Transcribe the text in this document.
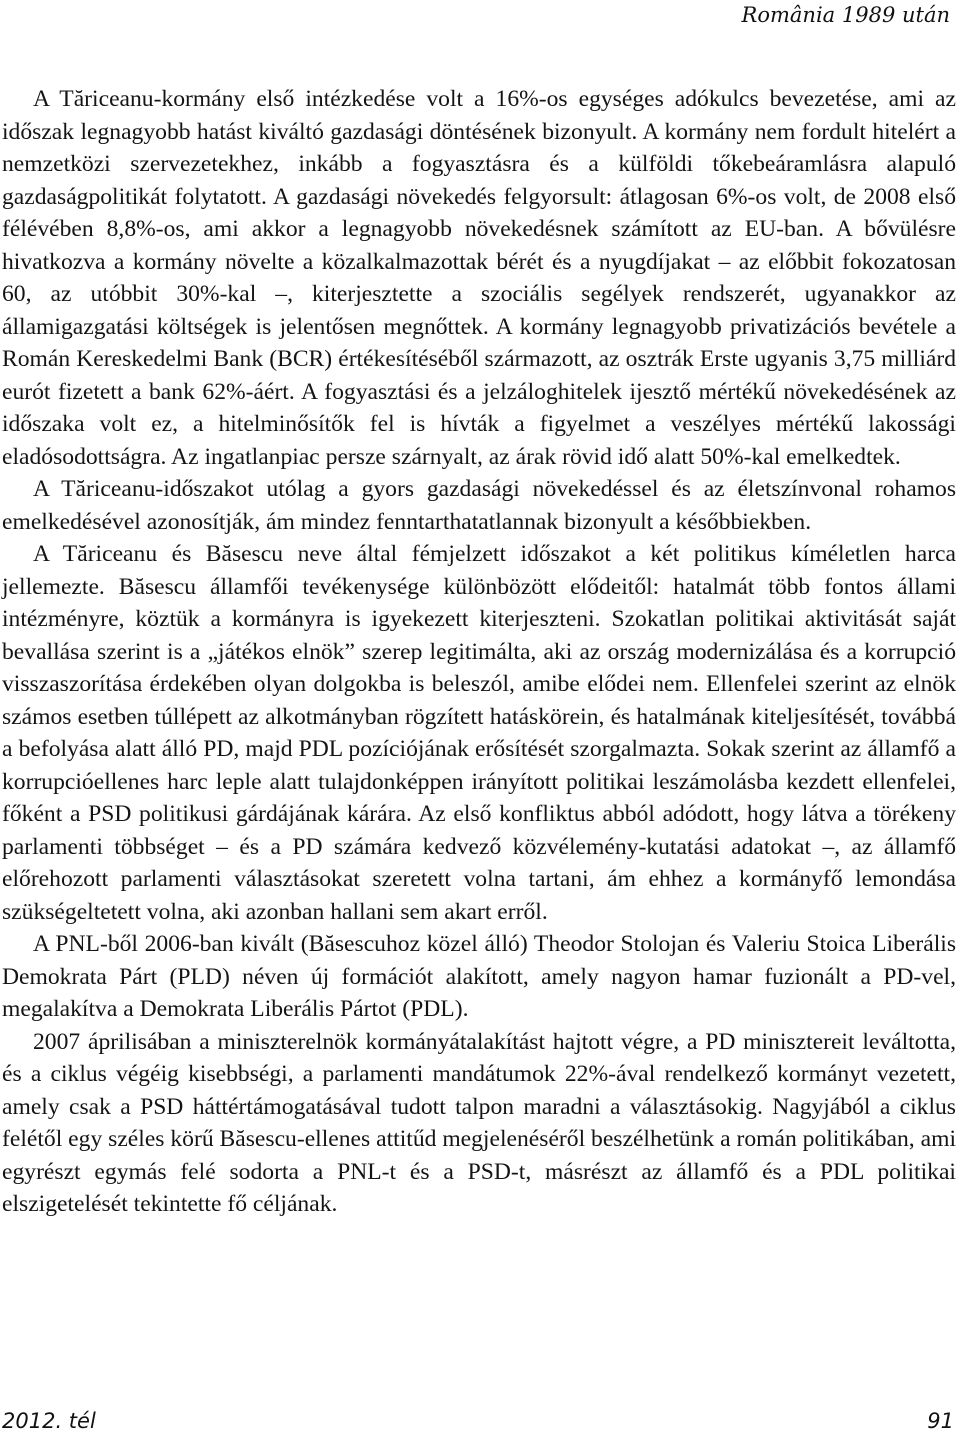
România 1989 után

A Tăriceanu-kormány első intézkedése volt a 16%-os egységes adókulcs bevezetése, ami az időszak legnagyobb hatást kiváltó gazdasági döntésének bizonyult. A kormány nem fordult hitelért a nemzetközi szervezetekhez, inkább a fogyasztásra és a külföldi tőkebeáramlásra alapuló gazdaságpolitikát folytatott. A gazdasági növekedés felgyorsult: átlagosan 6%-os volt, de 2008 első félévében 8,8%-os, ami akkor a legnagyobb növekedésnek számított az EU-ban. A bővülésre hivatkozva a kormány növelte a közalkalmazottak bérét és a nyugdíjakat – az előbbit fokozatosan 60, az utóbbit 30%-kal –, kiterjesztette a szociális segélyek rendszerét, ugyanakkor az államigazgatási költségek is jelentősen megnőttek. A kormány legnagyobb privatizációs bevétele a Román Kereskedelmi Bank (BCR) értékesítéséből származott, az osztrák Erste ugyanis 3,75 milliárd eurót fizetett a bank 62%-áért. A fogyasztási és a jelzáloghitelek ijesztő mértékű növekedésének az időszaka volt ez, a hitelminősítők fel is hívták a figyelmet a veszélyes mértékű lakossági eladósodottságra. Az ingatlanpiac persze szárnyalt, az árak rövid idő alatt 50%-kal emelkedtek.

A Tăriceanu-időszakot utólag a gyors gazdasági növekedéssel és az életszínvonal rohamos emelkedésével azonosítják, ám mindez fenntarthatatlannak bizonyult a későbbiekben.

A Tăriceanu és Băsescu neve által fémjelzett időszakot a két politikus kíméletlen harca jellemezte. Băsescu államfői tevékenysége különbözött elődeitől: hatalmát több fontos állami intézményre, köztük a kormányra is igyekezett kiterjeszteni. Szokatlan politikai aktivitását saját bevallása szerint is a „játékos elnök” szerep legitimálta, aki az ország modernizálása és a korrupció visszaszorítása érdekében olyan dolgokba is beleszól, amibe elődei nem. Ellenfelei szerint az elnök számos esetben túllépett az alkotmányban rögzített hatáskörein, és hatalmának kiteljesítését, továbbá a befolyása alatt álló PD, majd PDL pozíciójának erősítését szorgalmazta. Sokak szerint az államfő a korrupcióellenes harc leple alatt tulajdonképpen irányított politikai leszámolásba kezdett ellenfelei, főként a PSD politikusi gárdájának kárára. Az első konfliktus abból adódott, hogy látva a törékeny parlamenti többséget – és a PD számára kedvező közvélemény-kutatási adatokat –, az államfő előrehozott parlamenti választásokat szeretett volna tartani, ám ehhez a kormányfő lemondása szükségeltetett volna, aki azonban hallani sem akart erről.

A PNL-ből 2006-ban kivált (Băsescuhoz közel álló) Theodor Stolojan és Valeriu Stoica Liberális Demokrata Párt (PLD) néven új formációt alakított, amely nagyon hamar fuzionált a PD-vel, megalakítva a Demokrata Liberális Pártot (PDL).

2007 áprilisában a miniszterelnök kormányátalakítást hajtott végre, a PD minisztereit leváltotta, és a ciklus végéig kisebbségi, a parlamenti mandátumok 22%-ával rendelkező kormányt vezetett, amely csak a PSD háttértámogatásával tudott talpon maradni a választásokig. Nagyjából a ciklus felétől egy széles körű Băsescu-ellenes attitűd megjelenéséről beszélhetünk a román politikában, ami egyrészt egymás felé sodorta a PNL-t és a PSD-t, másrészt az államfő és a PDL politikai elszigetelését tekintette fő céljának.

2012. tél	91
